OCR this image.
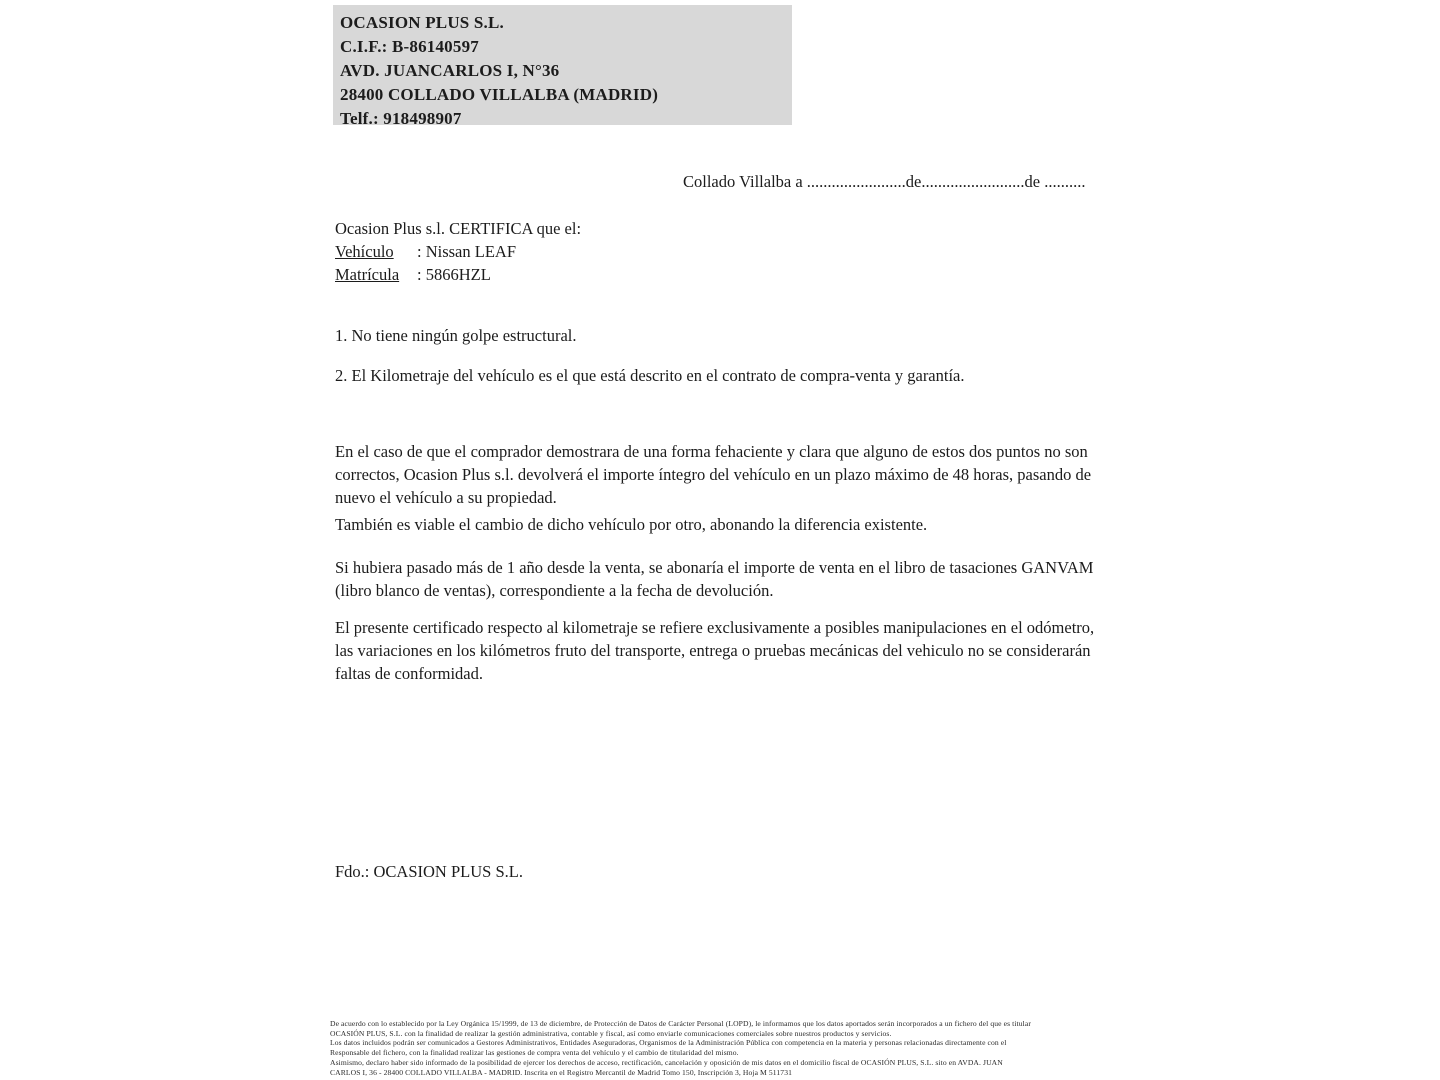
OCASION PLUS S.L.
C.I.F.: B-86140597
AVD. JUANCARLOS I, N°36
28400 COLLADO VILLALBA (MADRID)
Telf.: 918498907
Collado Villalba a ........................de.........................de ..........
Ocasion Plus s.l. CERTIFICA que el:
Vehículo : Nissan LEAF
Matrícula : 5866HZL
1. No tiene ningún golpe estructural.
2. El Kilometraje del vehículo es el que está descrito en el contrato de compra-venta y garantía.
En el caso de que el comprador demostrara de una forma fehaciente y clara que alguno de estos dos puntos no son correctos, Ocasion Plus s.l. devolverá el importe íntegro del vehículo en un plazo máximo de 48 horas, pasando de nuevo el vehículo a su propiedad.
También es viable el cambio de dicho vehículo por otro, abonando la diferencia existente.
Si hubiera pasado más de 1 año desde la venta, se abonaría el importe de venta en el libro de tasaciones GANVAM (libro blanco de ventas), correspondiente a la fecha de devolución.
El presente certificado respecto al kilometraje se refiere exclusivamente a posibles manipulaciones en el odómetro, las variaciones en los kilómetros fruto del transporte, entrega o pruebas mecánicas del vehiculo no se considerarán faltas de conformidad.
Fdo.: OCASION PLUS S.L.
De acuerdo con lo establecido por la Ley Orgánica 15/1999, de 13 de diciembre, de Protección de Datos de Carácter Personal (LOPD), le informamos que los datos aportados serán incorporados a un fichero del que es titular
OCASIÓN PLUS, S.L. con la finalidad de realizar la gestión administrativa, contable y fiscal, así como enviarle comunicaciones comerciales sobre nuestros productos y servicios.
Los datos incluidos podrán ser comunicados a Gestores Administrativos, Entidades Aseguradoras, Organismos de la Administración Pública con competencia en la materia y personas relacionadas directamente con el
Responsable del fichero, con la finalidad realizar las gestiones de compra venta del vehículo y el cambio de titularidad del mismo.
Asimismo, declaro haber sido informado de la posibilidad de ejercer los derechos de acceso, rectificación, cancelación y oposición de mis datos en el domicilio fiscal de OCASIÓN PLUS, S.L. sito en AVDA. JUAN
CARLOS I, 36 - 28400 COLLADO VILLALBA - MADRID. Inscrita en el Registro Mercantil de Madrid Tomo 150, Inscripción 3, Hoja M 511731
